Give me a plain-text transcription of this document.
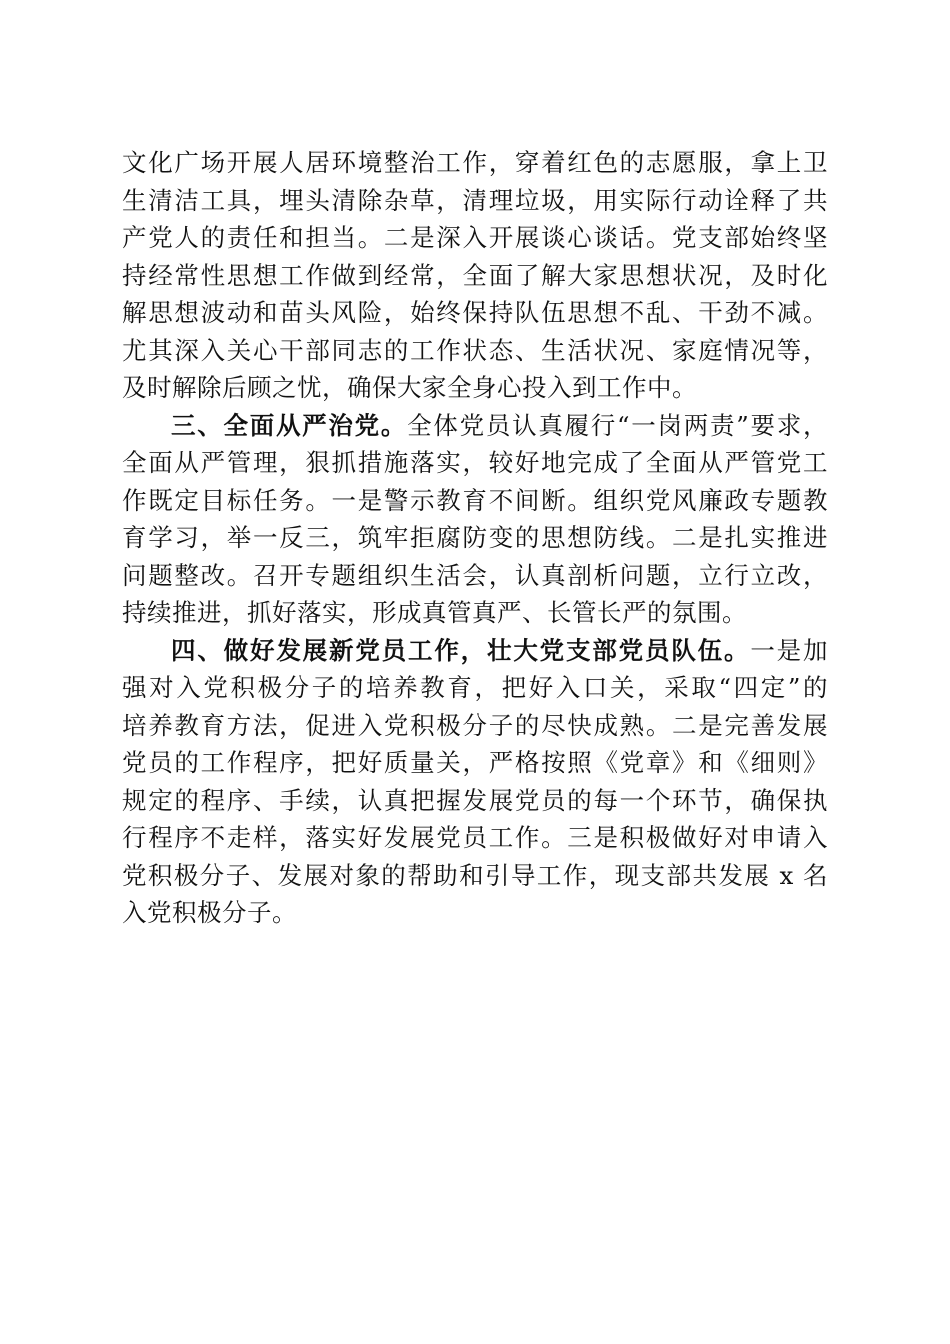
文化广场开展人居环境整治工作，穿着红色的志愿服，拿上卫
生清洁工具，埋头清除杂草，清理垃圾，用实际行动诠释了共
产党人的责任和担当。二是深入开展谈心谈话。党支部始终坚
持经常性思想工作做到经常，全面了解大家思想状况，及时化
解思想波动和苗头风险，始终保持队伍思想不乱、干劲不减。
尤其深入关心干部同志的工作状态、生活状况、家庭情况等，
及时解除后顾之忧，确保大家全身心投入到工作中。
三、全面从严治党。全体党员认真履行“一岗两责”要求，
全面从严管理，狠抓措施落实，较好地完成了全面从严管党工
作既定目标任务。一是警示教育不间断。组织党风廉政专题教
育学习，举一反三，筑牢拒腐防变的思想防线。二是扎实推进
问题整改。召开专题组织生活会，认真剖析问题，立行立改，
持续推进，抓好落实，形成真管真严、长管长严的氛围。
四、做好发展新党员工作，壮大党支部党员队伍。一是加
强对入党积极分子的培养教育，把好入口关，采取“四定”的
培养教育方法，促进入党积极分子的尽快成熟。二是完善发展
党员的工作程序，把好质量关，严格按照《党章》和《细则》
规定的程序、手续，认真把握发展党员的每一个环节，确保执
行程序不走样，落实好发展党员工作。三是积极做好对申请入
党积极分子、发展对象的帮助和引导工作，现支部共发展 x 名
入党积极分子。
